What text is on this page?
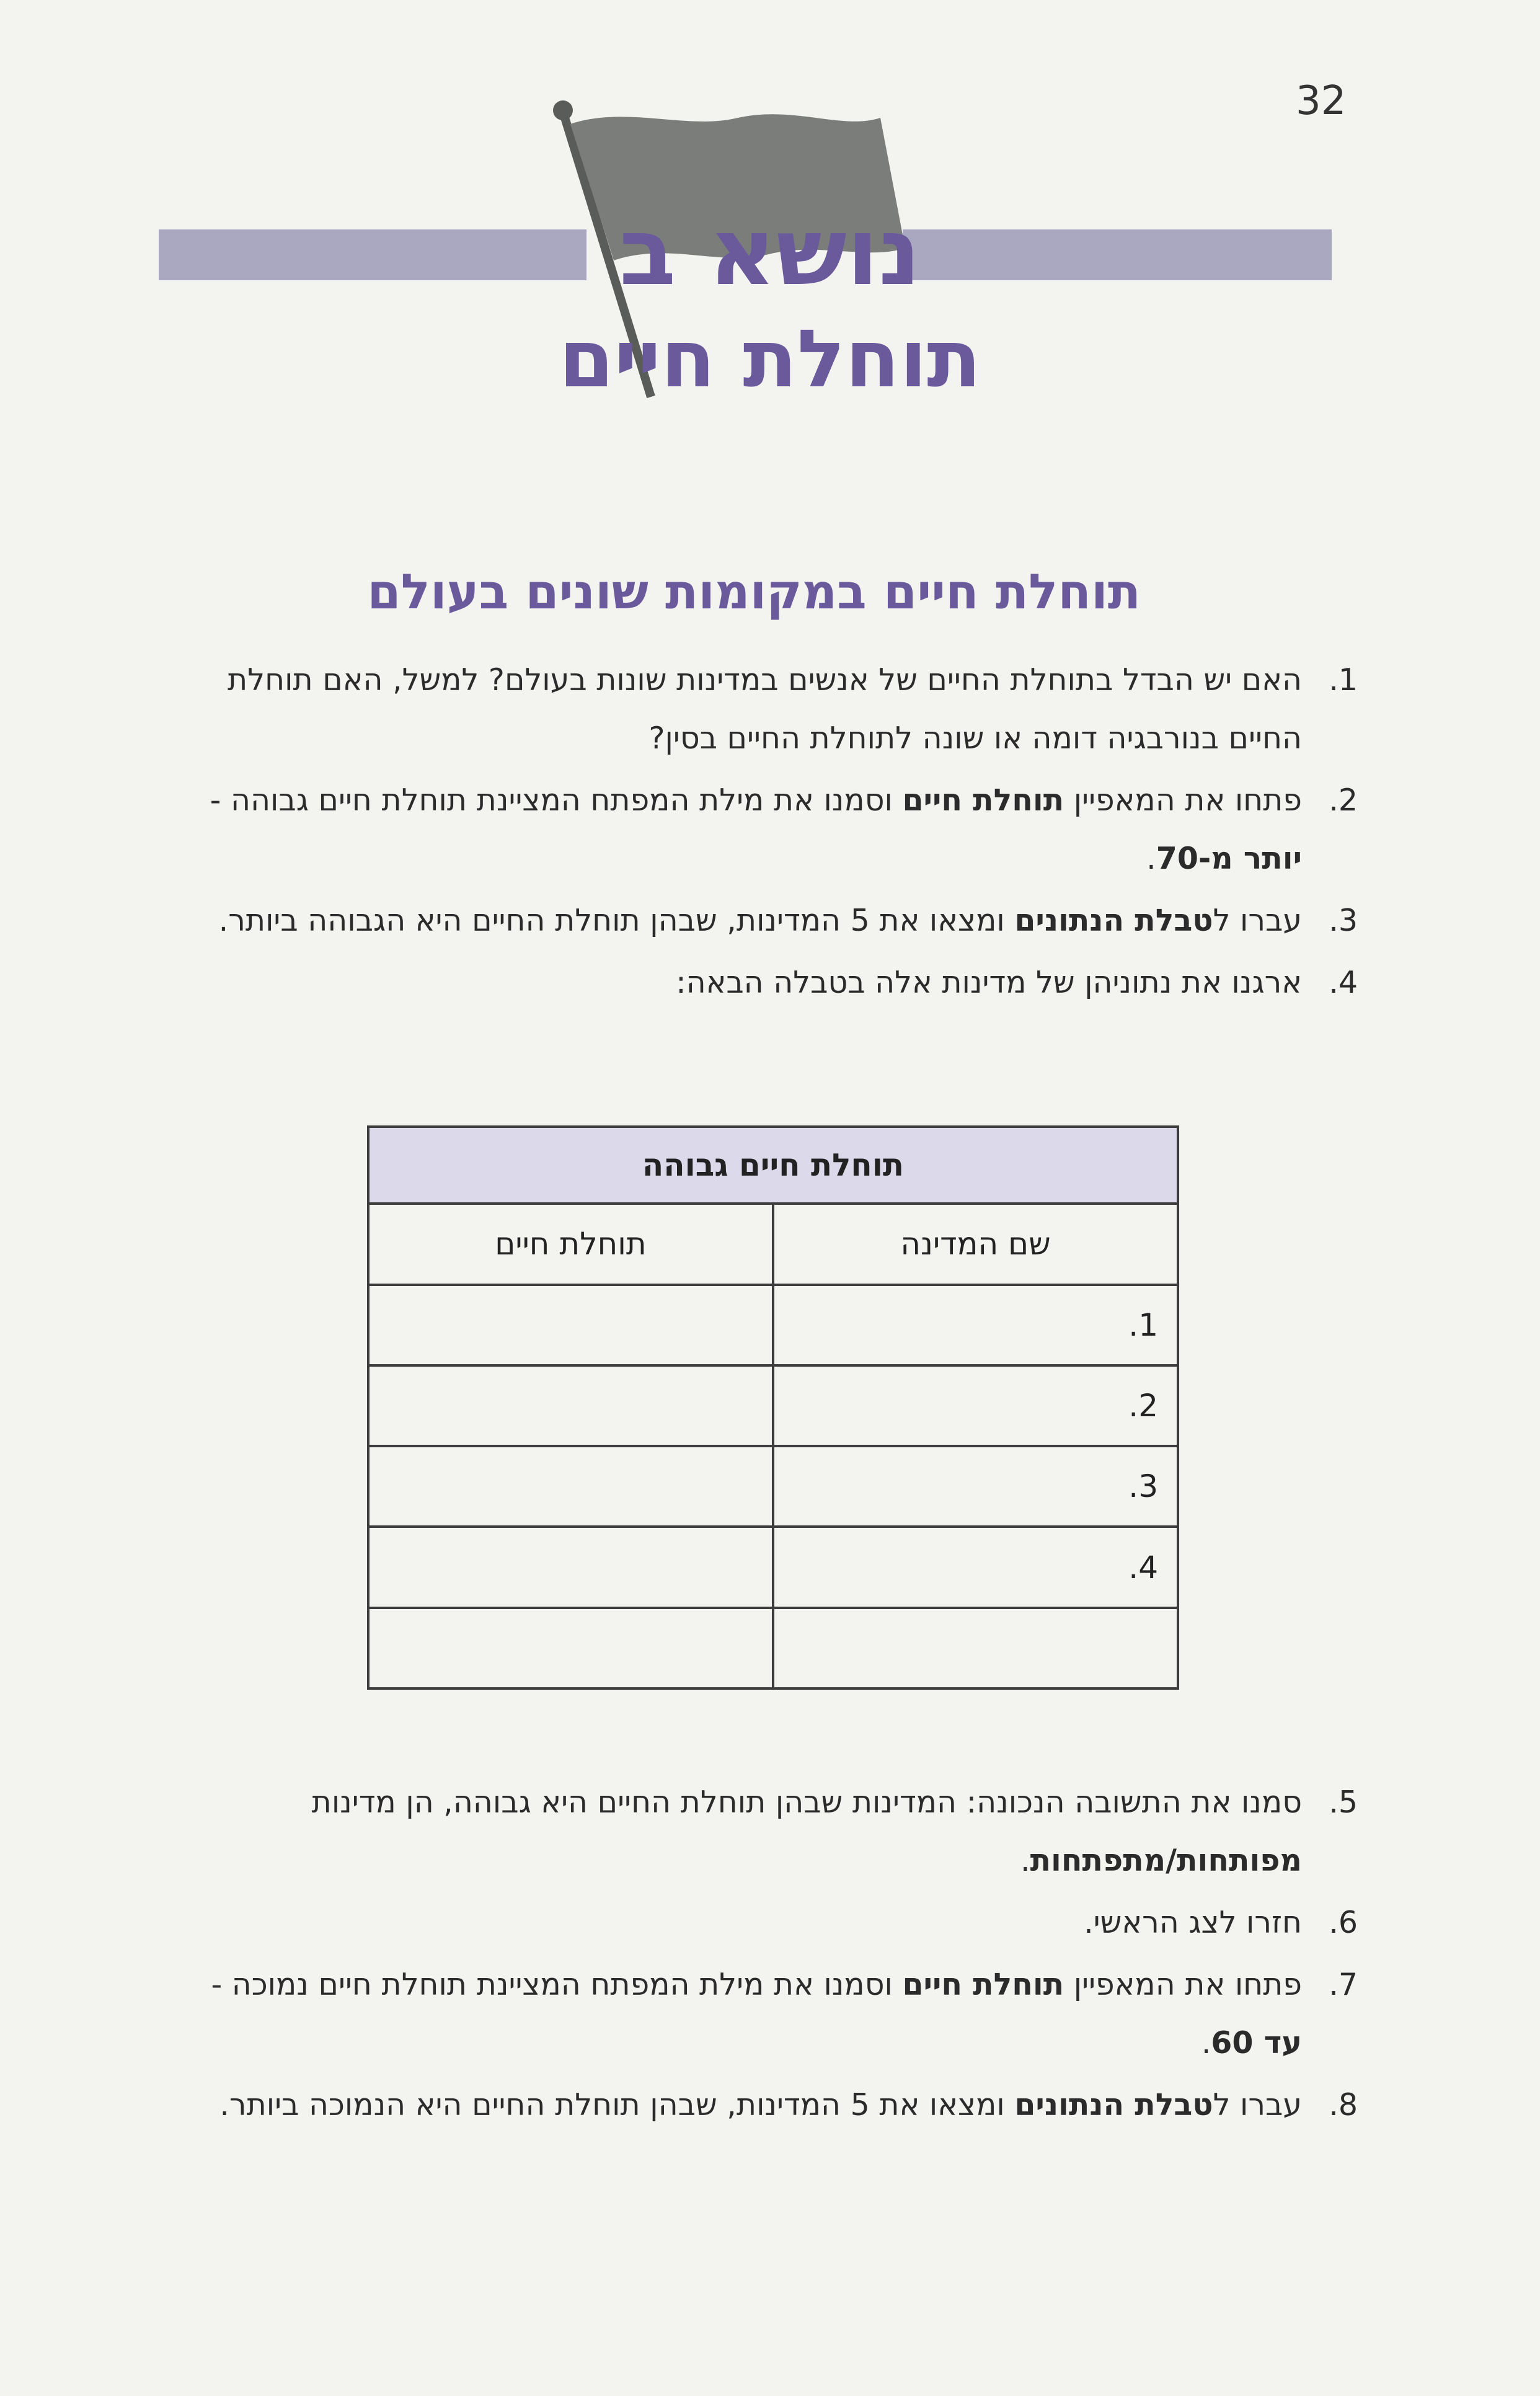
32
נושא ב
תוחלת חיים
תוחלת חיים במקומות שונים בעולם
1.
האם יש הבדל בתוחלת החיים של אנשים במדינות שונות בעולם? למשל, האם תוחלת החיים בנורבגיה דומה או שונה לתוחלת החיים בסין?
2.
פתחו את המאפיין תוחלת חיים וסמנו את מילת המפתח המציינת תוחלת חיים גבוהה - יותר מ-70.
3.
עברו לטבלת הנתונים ומצאו את 5 המדינות, שבהן תוחלת החיים היא הגבוהה ביותר.
4.
ארגנו את נתוניהן של מדינות אלה בטבלה הבאה:
תוחלת חיים גבוהה	
שם המדינה	תוחלת חיים
1.	
2.	
3.	
4.	

5.
סמנו את התשובה הנכונה: המדינות שבהן תוחלת החיים היא גבוהה, הן מדינות מפותחות/מתפתחות.
6.
חזרו לצג הראשי.
7.
פתחו את המאפיין תוחלת חיים וסמנו את מילת המפתח המציינת תוחלת חיים נמוכה - עד 60.
8.
עברו לטבלת הנתונים ומצאו את 5 המדינות, שבהן תוחלת החיים היא הנמוכה ביותר.
